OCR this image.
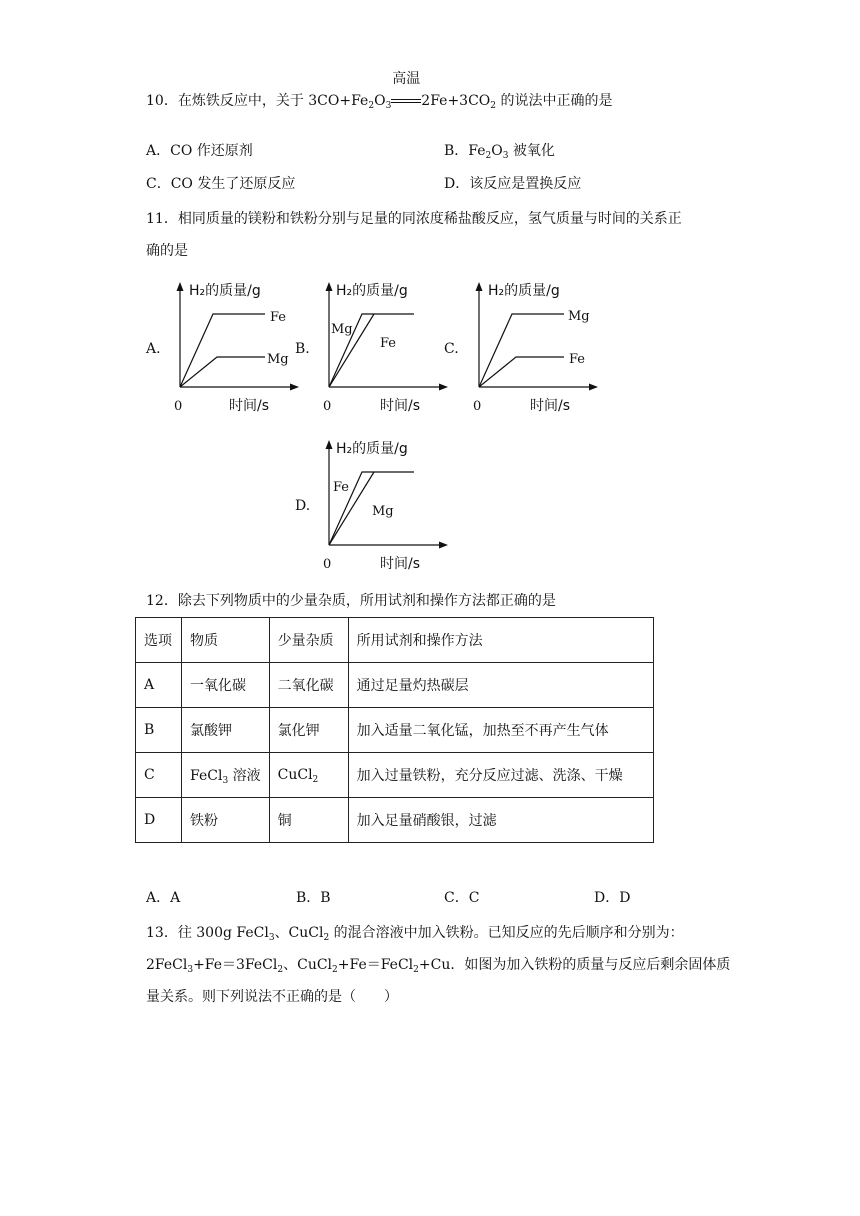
10．在炼铁反应中，关于 $3CO+Fe_2O_3$
高温
$2Fe+3CO_2$ 的说法中正确的是
A．CO 作还原剂	B．$Fe_2O_3$ 被氧化
C．CO 发生了还原反应	D．该反应是置换反应
11．相同质量的镁粉和铁粉分别与足量的同浓度稀盐酸反应，氢气质量与时间的关系正
确的是
A.
H₂的质量/g
Fe
Mg
0	时间/s
B.
H₂的质量/g
Mg
Fe
0	时间/s
C.
H₂的质量/g
Mg
Fe
0	时间/s
D.
H₂的质量/g
Fe
Mg
0	时间/s
12．除去下列物质中的少量杂质，所用试剂和操作方法都正确的是
选项	物质	少量杂质	所用试剂和操作方法
A	一氧化碳	二氧化碳	通过足量灼热碳层
B	氯酸钾	氯化钾	加入适量二氧化锰，加热至不再产生气体
C	FeCl$_3$ 溶液	CuCl$_2$	加入过量铁粉，充分反应过滤、洗涤、干燥
D	铁粉	铜	加入足量硝酸银，过滤
A．A	B．B	C．C	D．D
13．往 300g FeCl$_3$、CuCl$_2$ 的混合溶液中加入铁粉。已知反应的先后顺序和分别为：
2FeCl$_3$+Fe＝3FeCl$_2$、CuCl$_2$+Fe＝FeCl$_2$+Cu．如图为加入铁粉的质量与反应后剩余固体质
量关系。则下列说法不正确的是（　　）
